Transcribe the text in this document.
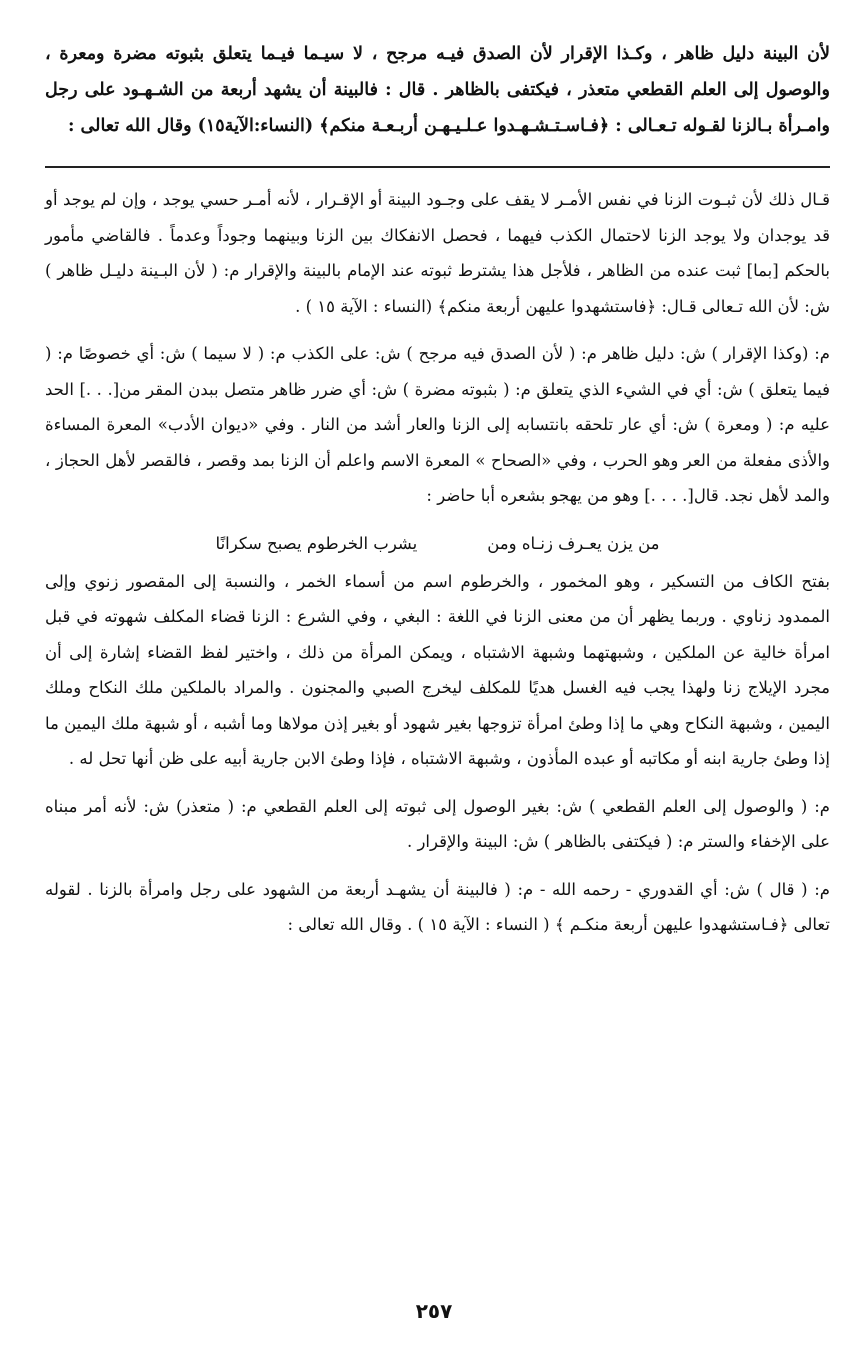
لأن البينة دليل ظاهر ، وكـذا الإقرار لأن الصدق فيـه مرجح ، لا سيـما فيـما يتعلق بثبوته مضرة ومعرة ، والوصول إلى العلم القطعي متعذر ، فيكتفى بالظاهر . قال : فالبينة أن يشهد أربعة من الشـهـود على رجل وامـرأة بـالزنا لقـوله تـعـالى : ﴿فـاسـتـشـهـدوا عـلـيـهـن أربـعـة منكم﴾ (النساء:الآية١٥) وقال الله تعالى :

قـال ذلك لأن ثبـوت الزنا في نفس الأمـر لا يقف على وجـود البينة أو الإقـرار ، لأنه أمـر حسي يوجد ، وإن لم يوجد أو قد يوجدان ولا يوجد الزنا لاحتمال الكذب فيهما ، فحصل الانفكاك بين الزنا وبينهما وجوداً وعدماً . فالقاضي مأمور بالحكم [بما] ثبت عنده من الظاهر ، فلأجل هذا يشترط ثبوته عند الإمام بالبينة والإقرار م: ( لأن البـينة دليـل ظاهر ) ش: لأن الله تـعالى قـال: ﴿فاستشهدوا عليهن أربعة منكم﴾ (النساء : الآية ١٥ ) .

م: (وكذا الإقرار ) ش: دليل ظاهر م: ( لأن الصدق فيه مرجح ) ش: على الكذب م: ( لا سيما ) ش: أي خصوصًا م: ( فيما يتعلق ) ش: أي في الشيء الذي يتعلق م: ( بثبوته مضرة ) ش: أي ضرر ظاهر متصل ببدن المقر من[. . .] الحد عليه م: ( ومعرة ) ش: أي عار تلحقه بانتسابه إلى الزنا والعار أشد من النار . وفي «ديوان الأدب» المعرة المساءة والأذى مفعلة من العر وهو الحرب ، وفي «الصحاح » المعرة الاسم واعلم أن الزنا بمد وقصر ، فالقصر لأهل الحجاز ، والمد لأهل نجد. قال[. . . .] وهو من يهجو بشعره أبا حاضر :

من يزن يعـرف زنـاه ومن
يشرب الخرطوم يصبح سكرانًا

بفتح الكاف من التسكير ، وهو المخمور ، والخرطوم اسم من أسماء الخمر ، والنسبة إلى المقصور زنوي وإلى الممدود زناوي . وربما يظهر أن من معنى الزنا في اللغة : البغي ، وفي الشرع : الزنا قضاء المكلف شهوته في قبل امرأة خالية عن الملكين ، وشبهتهما وشبهة الاشتباه ، ويمكن المرأة من ذلك ، واختير لفظ القضاء إشارة إلى أن مجرد الإيلاج زنا ولهذا يجب فيه الغسل هديًا للمكلف ليخرج الصبي والمجنون . والمراد بالملكين ملك النكاح وملك اليمين ، وشبهة النكاح وهي ما إذا وطئ امرأة تزوجها بغير شهود أو بغير إذن مولاها وما أشبه ، أو شبهة ملك اليمين ما إذا وطئ جارية ابنه أو مكاتبه أو عبده المأذون ، وشبهة الاشتباه ، فإذا وطئ الابن جارية أبيه على ظن أنها تحل له .

م: ( والوصول إلى العلم القطعي ) ش: بغير الوصول إلى ثبوته إلى العلم القطعي م: ( متعذر) ش: لأنه أمر مبناه على الإخفاء والستر م: ( فيكتفى بالظاهر ) ش: البينة والإقرار .

م: ( قال ) ش: أي القدوري - رحمه الله - م: ( فالبينة أن يشهـد أربعة من الشهود على رجل وامرأة بالزنا . لقوله تعالى ﴿فـاستشهدوا عليهن أربعة منكـم ﴾ ( النساء : الآية ١٥ ) . وقال الله تعالى :

٢٥٧
